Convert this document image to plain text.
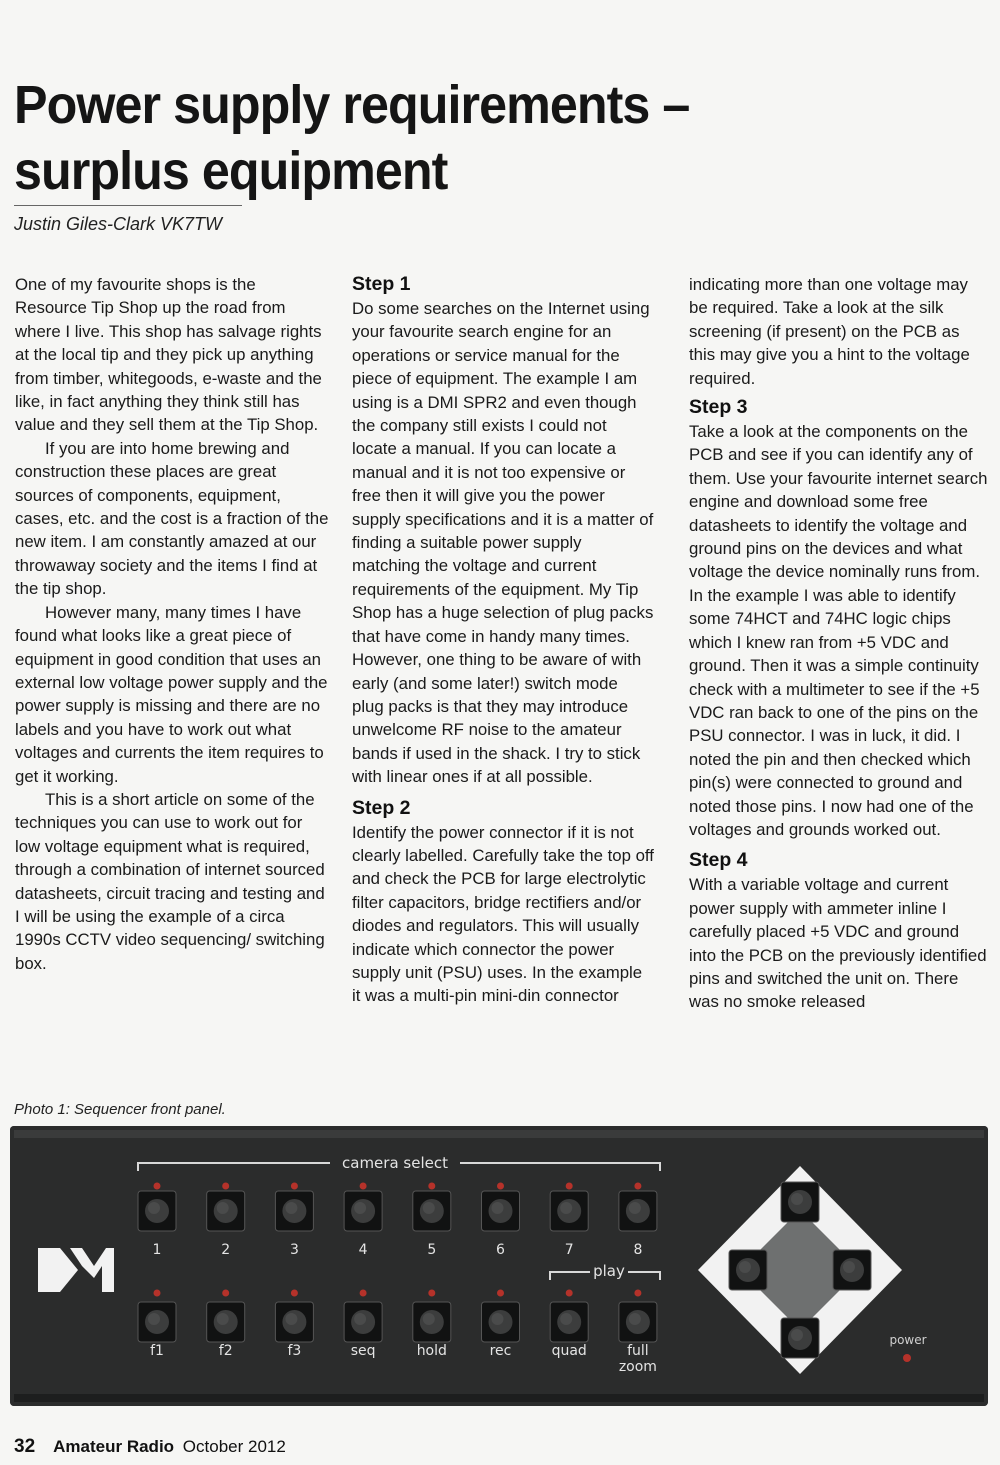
Power supply requirements –
surplus equipment
Justin Giles-Clark VK7TW

One of my favourite shops is the Resource Tip Shop up the road from where I live. This shop has salvage rights at the local tip and they pick up anything from timber, whitegoods, e-waste and the like, in fact anything they think still has value and they sell them at the Tip Shop.

If you are into home brewing and construction these places are great sources of components, equipment, cases, etc. and the cost is a fraction of the new item. I am constantly amazed at our throwaway society and the items I find at the tip shop.

However many, many times I have found what looks like a great piece of equipment in good condition that uses an external low voltage power supply and the power supply is missing and there are no labels and you have to work out what voltages and currents the item requires to get it working.

This is a short article on some of the techniques you can use to work out for low voltage equipment what is required, through a combination of internet sourced datasheets, circuit tracing and testing and I will be using the example of a circa 1990s CCTV video sequencing/ switching box.

Step 1

Do some searches on the Internet using your favourite search engine for an operations or service manual for the piece of equipment. The example I am using is a DMI SPR2 and even though the company still exists I could not locate a manual. If you can locate a manual and it is not too expensive or free then it will give you the power supply specifications and it is a matter of finding a suitable power supply matching the voltage and current requirements of the equipment. My Tip Shop has a huge selection of plug packs that have come in handy many times. However, one thing to be aware of with early (and some later!) switch mode plug packs is that they may introduce unwelcome RF noise to the amateur bands if used in the shack. I try to stick with linear ones if at all possible.

Step 2

Identify the power connector if it is not clearly labelled. Carefully take the top off and check the PCB for large electrolytic filter capacitors, bridge rectifiers and/or diodes and regulators. This will usually indicate which connector the power supply unit (PSU) uses. In the example it was a multi-pin mini-din connector

indicating more than one voltage may be required. Take a look at the silk screening (if present) on the PCB as this may give you a hint to the voltage required.

Step 3

Take a look at the components on the PCB and see if you can identify any of them. Use your favourite internet search engine and download some free datasheets to identify the voltage and ground pins on the devices and what voltage the device nominally runs from. In the example I was able to identify some 74HCT and 74HC logic chips which I knew ran from +5 VDC and ground. Then it was a simple continuity check with a multimeter to see if the +5 VDC ran back to one of the pins on the PSU connector. I was in luck, it did. I noted the pin and then checked which pin(s) were connected to ground and noted those pins. I now had one of the voltages and grounds worked out.

Step 4

With a variable voltage and current power supply with ammeter inline I carefully placed +5 VDC and ground into the PCB on the previously identified pins and switched the unit on. There was no smoke released

Photo 1: Sequencer front panel.
camera select
play
power
1	2	3	4	5	6	7	8
f1	f2	f3	seq	hold	rec	quad	full
zoom
32 Amateur Radio October 2012
